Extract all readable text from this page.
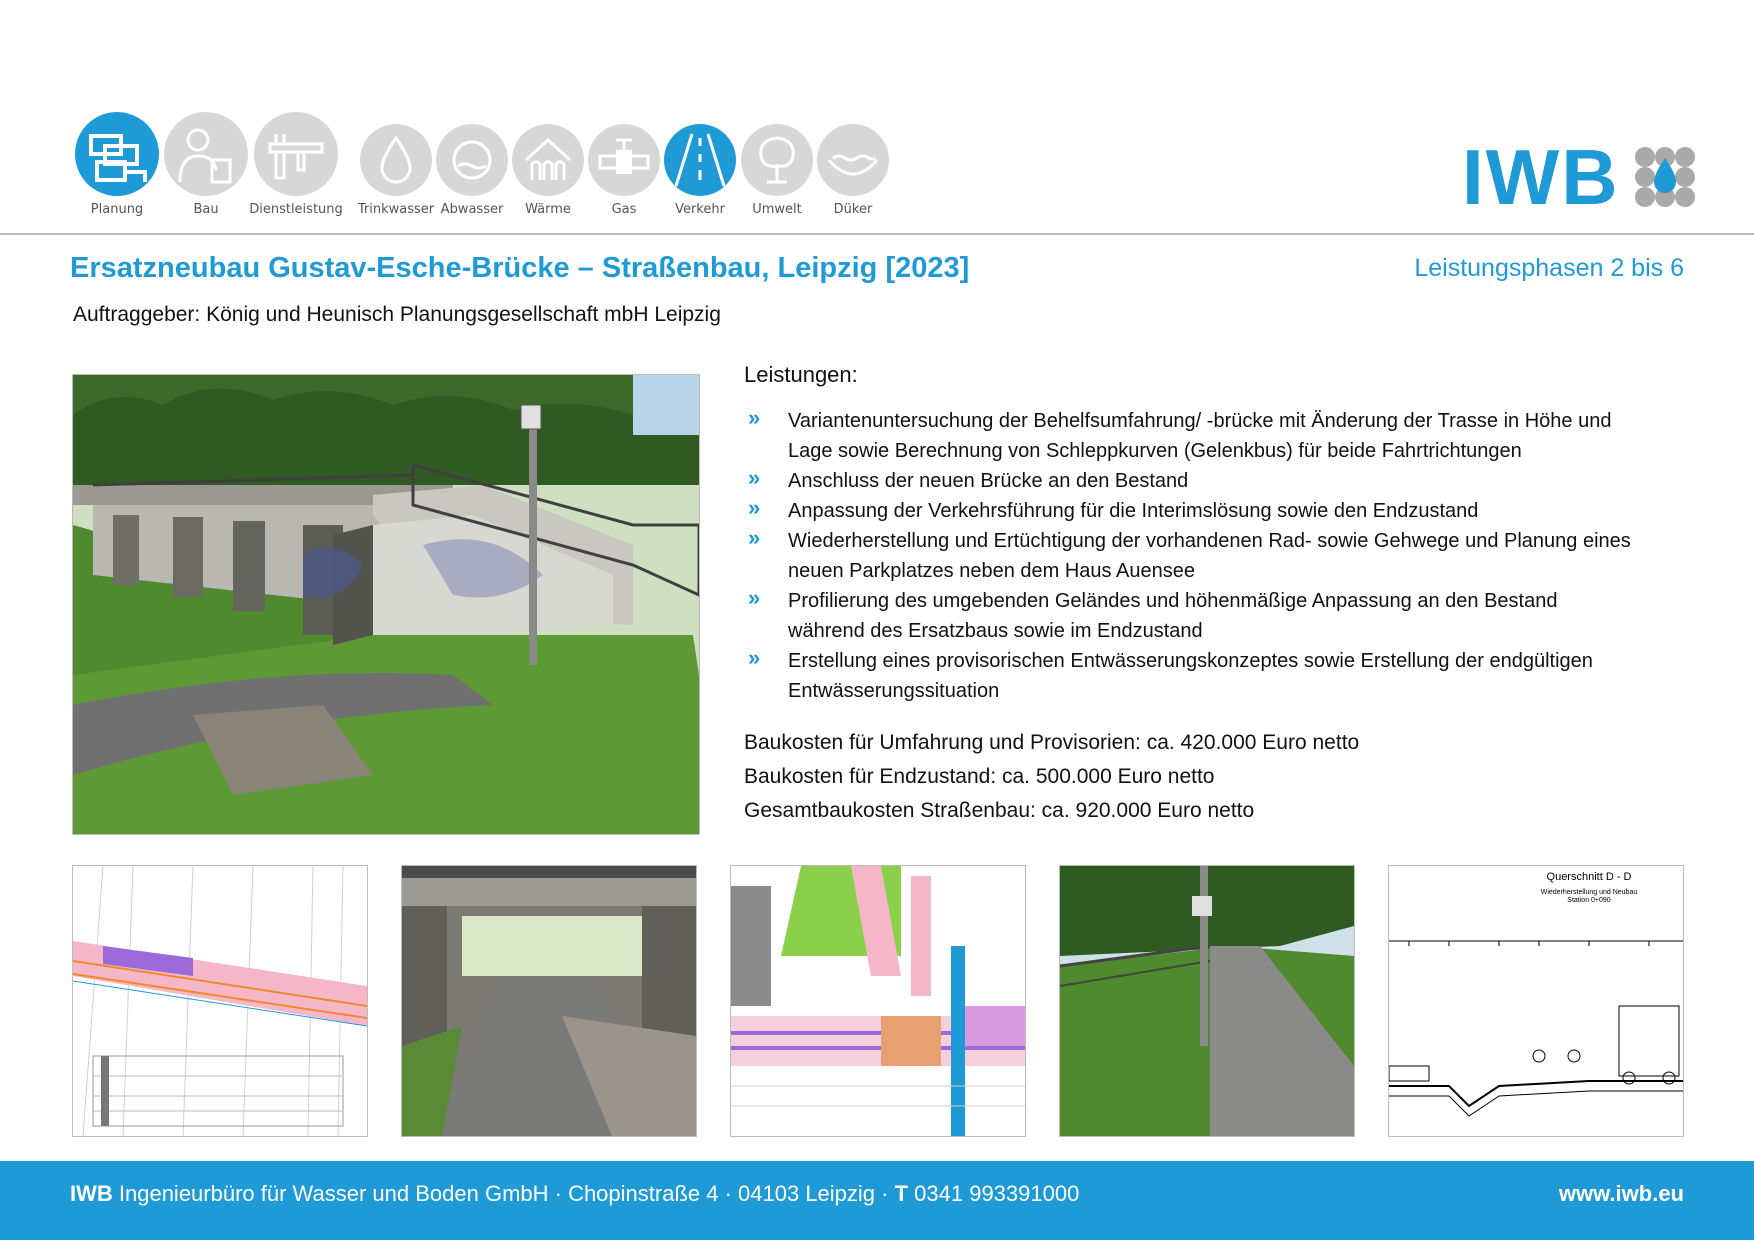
Planung	Bau Dienstleistung Trinkwasser Abwasser Wärme	Gas	Verkehr Umwelt Düker	IWB
Ersatzneubau Gustav-Esche-Brücke – Straßenbau, Leipzig [2023]	Leistungsphasen 2 bis 6
Auftraggeber: König und Heunisch Planungsgesellschaft mbH Leipzig
Leistungen:
» Variantenuntersuchung der Behelfsumfahrung/ -brücke mit Änderung der Trasse in Höhe und
Lage sowie Berechnung von Schleppkurven (Gelenkbus) für beide Fahrtrichtungen
» Anschluss der neuen Brücke an den Bestand
» Anpassung der Verkehrsführung für die Interimslösung sowie den Endzustand
» Wiederherstellung und Ertüchtigung der vorhandenen Rad- sowie Gehwege und Planung eines
neuen Parkplatzes neben dem Haus Auensee
» Profilierung des umgebenden Geländes und höhenmäßige Anpassung an den Bestand
während des Ersatzbaus sowie im Endzustand
» Erstellung eines provisorischen Entwässerungskonzeptes sowie Erstellung der endgültigen
Entwässerungssituation
Baukosten für Umfahrung und Provisorien: ca. 420.000 Euro netto
Baukosten für Endzustand: ca. 500.000 Euro netto
Gesamtbaukosten Straßenbau: ca. 920.000 Euro netto
Querschnitt D - D
Wiederherstellung und Neubau
Station 0+090
IWB Ingenieurbüro für Wasser und Boden GmbH · Chopinstraße 4 · 04103 Leipzig · T 0341 993391000	www.iwb.eu
